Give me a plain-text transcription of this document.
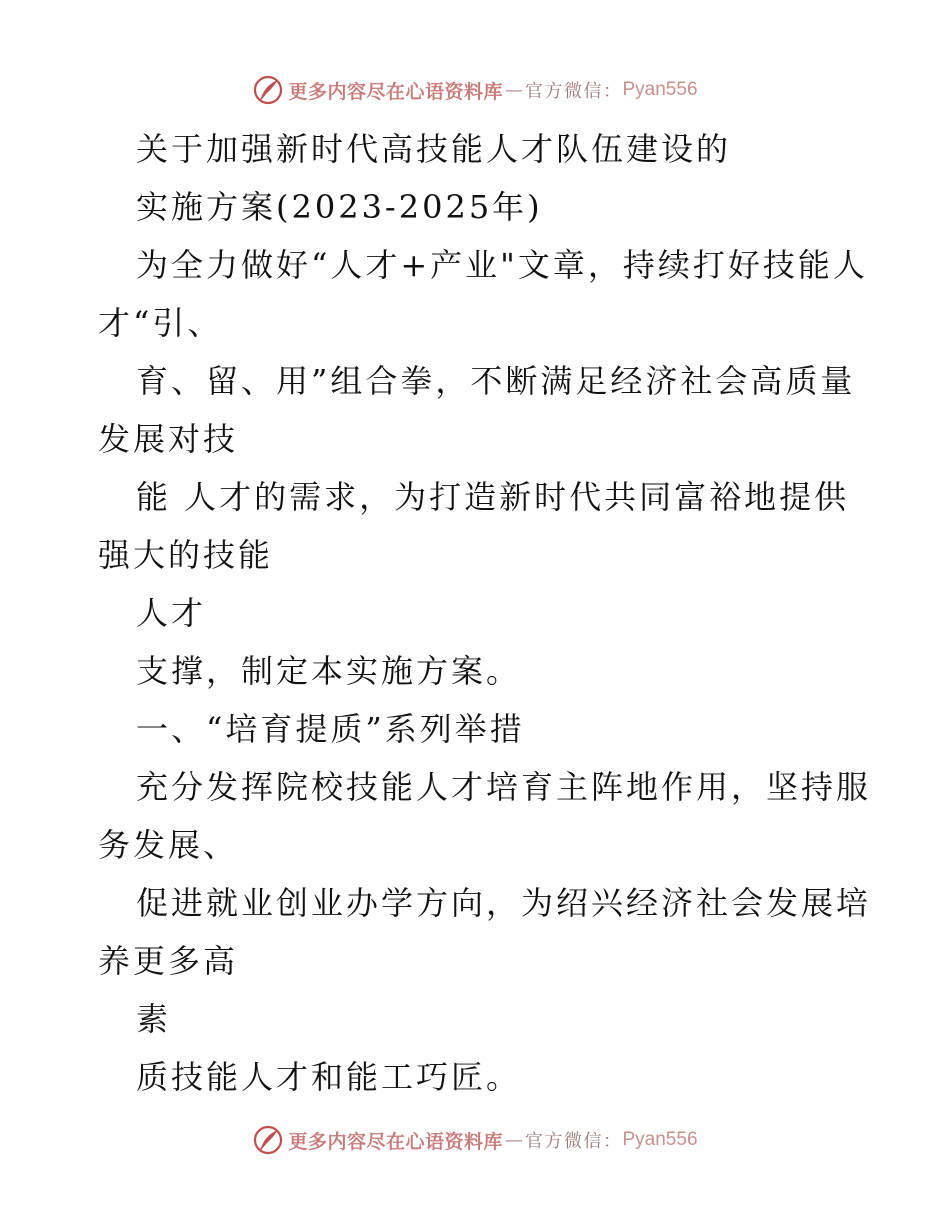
更多内容尽在心语资料库 — 官方微信： Pyan556

关于加强新时代高技能人才队伍建设的

实施方案(2023-2025年)

为全力做好“人才+产业"文章，持续打好技能人

才“引、

育、留、用”组合拳，不断满足经济社会高质量

发展对技

能 人才的需求，为打造新时代共同富裕地提供

强大的技能

人才

支撑，制定本实施方案。

一、“培育提质”系列举措

充分发挥院校技能人才培育主阵地作用，坚持服

务发展、

促进就业创业办学方向，为绍兴经济社会发展培

养更多高

素

质技能人才和能工巧匠。

更多内容尽在心语资料库 — 官方微信： Pyan556
